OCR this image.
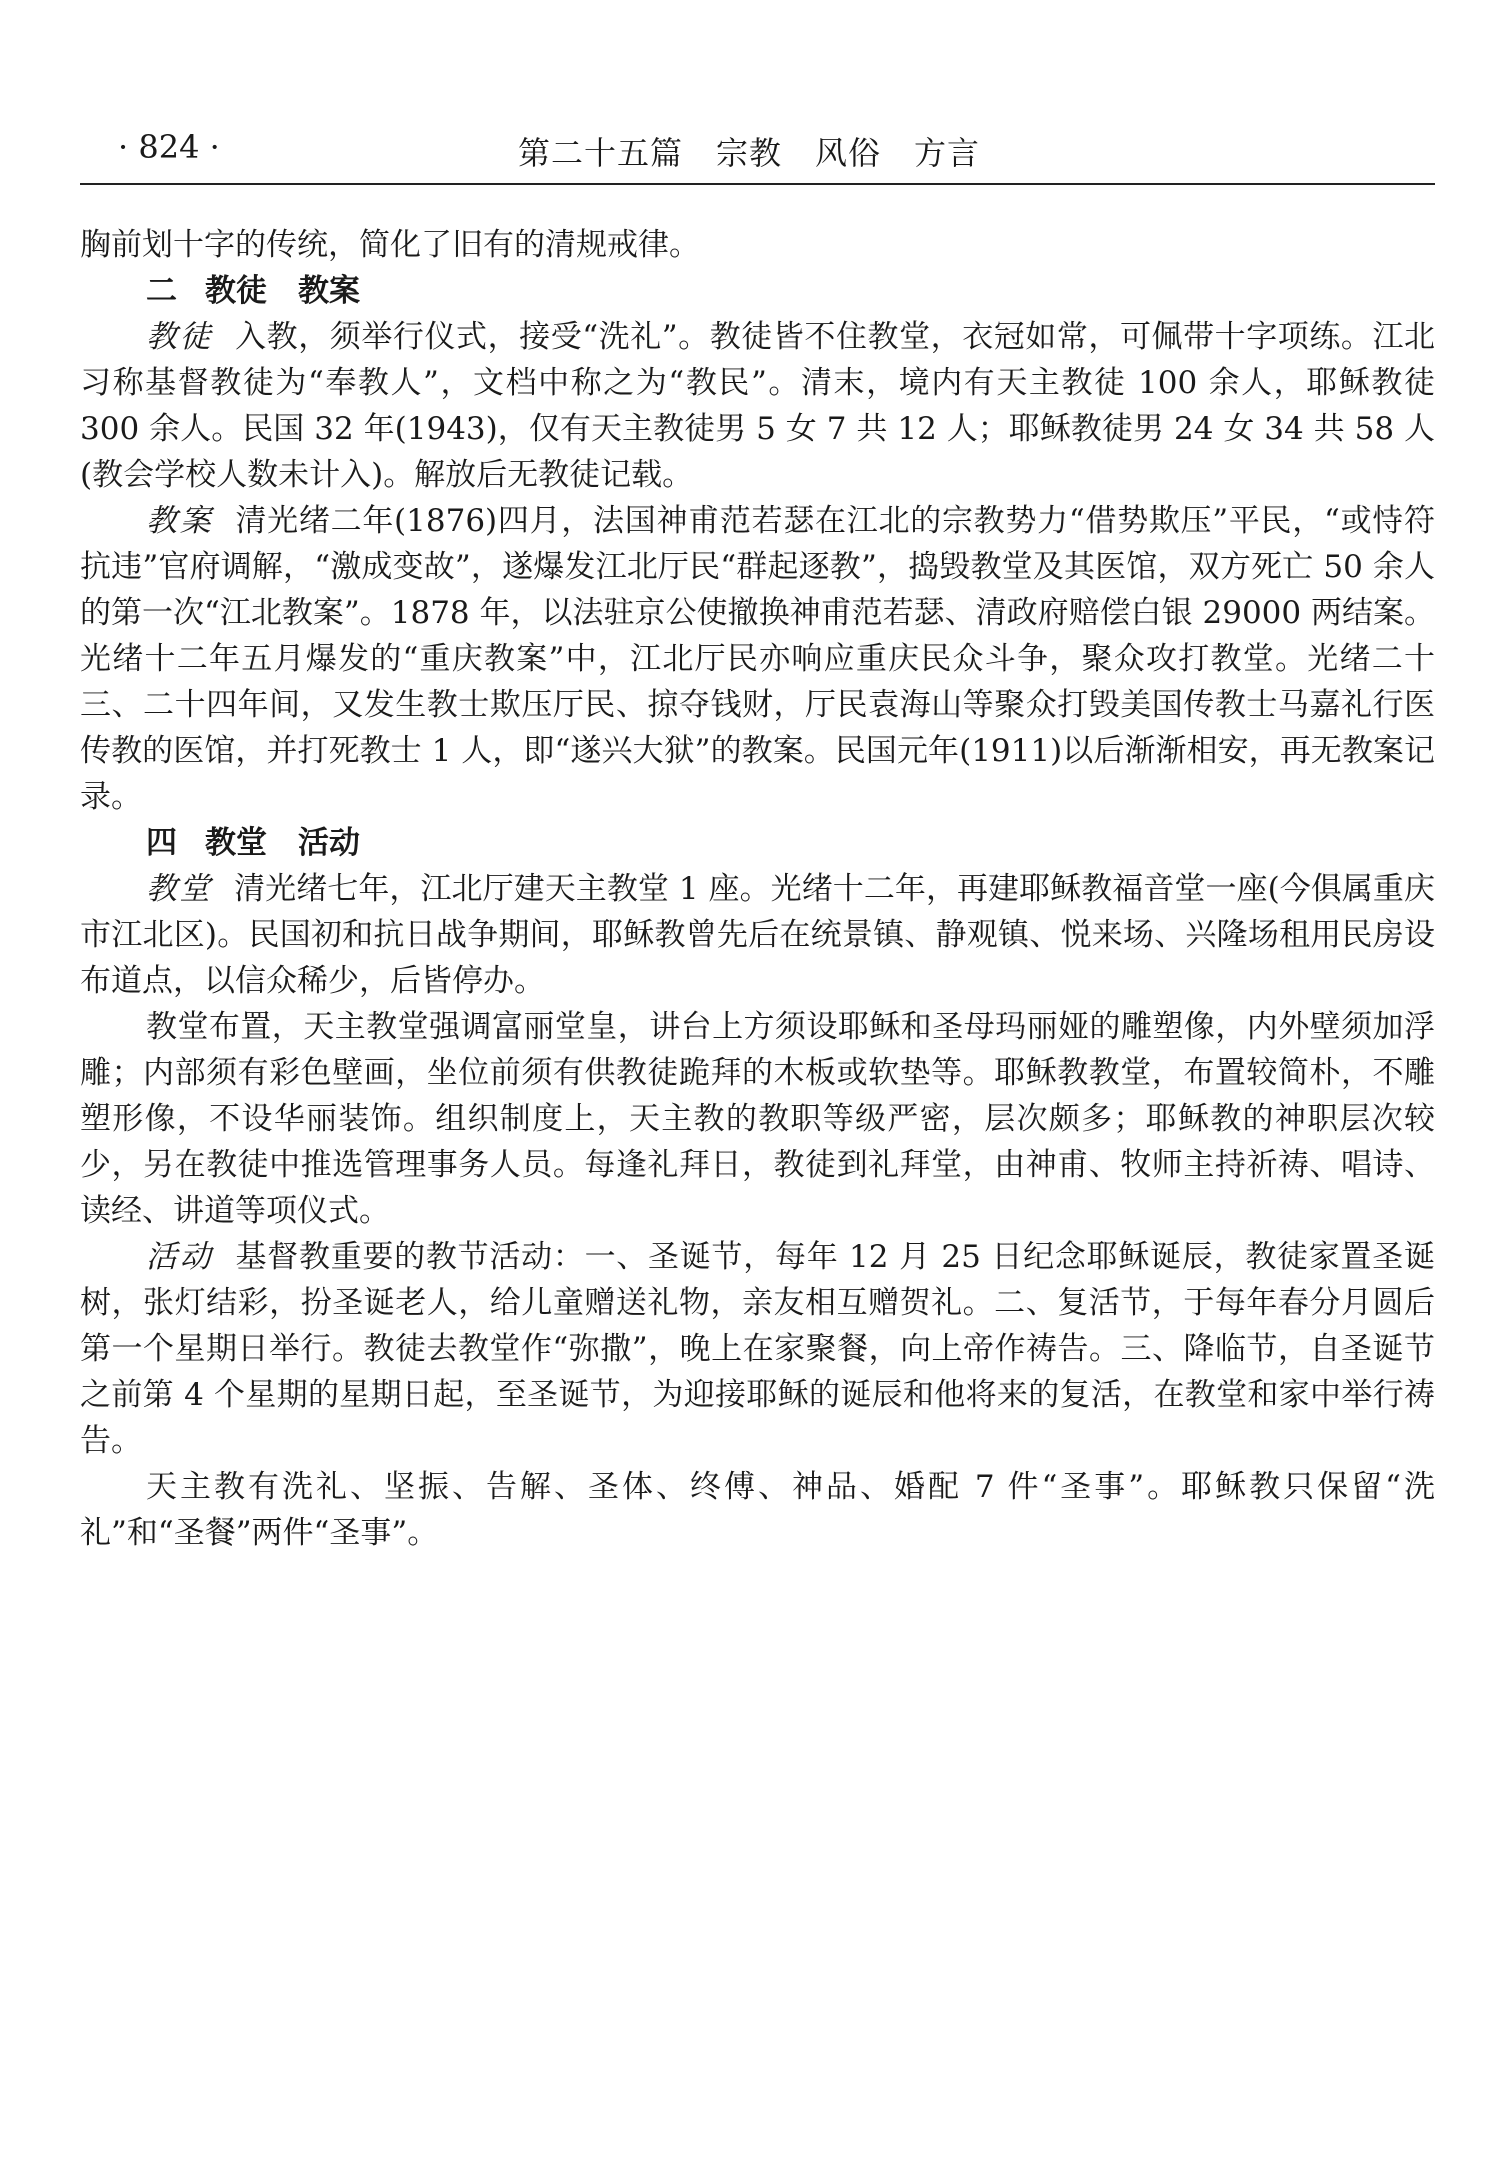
· 824 ·	第二十五篇　宗教　风俗　方言

胸前划十字的传统，简化了旧有的清规戒律。

二 教徒　教案

教徒 入教，须举行仪式，接受“洗礼”。教徒皆不住教堂，衣冠如常，可佩带十字项练。江北习称基督教徒为“奉教人”，文档中称之为“教民”。清末，境内有天主教徒 100 余人，耶稣教徒 300 余人。民国 32 年(1943)，仅有天主教徒男 5 女 7 共 12 人；耶稣教徒男 24 女 34 共 58 人(教会学校人数未计入)。解放后无教徒记载。

教案 清光绪二年(1876)四月，法国神甫范若瑟在江北的宗教势力“借势欺压”平民，“或恃符抗违”官府调解，“激成变故”，遂爆发江北厅民“群起逐教”，捣毁教堂及其医馆，双方死亡 50 余人的第一次“江北教案”。1878 年，以法驻京公使撤换神甫范若瑟、清政府赔偿白银 29000 两结案。光绪十二年五月爆发的“重庆教案”中，江北厅民亦响应重庆民众斗争，聚众攻打教堂。光绪二十三、二十四年间，又发生教士欺压厅民、掠夺钱财，厅民袁海山等聚众打毁美国传教士马嘉礼行医传教的医馆，并打死教士 1 人，即“遂兴大狱”的教案。民国元年(1911)以后渐渐相安，再无教案记录。

四 教堂　活动

教堂 清光绪七年，江北厅建天主教堂 1 座。光绪十二年，再建耶稣教福音堂一座(今俱属重庆市江北区)。民国初和抗日战争期间，耶稣教曾先后在统景镇、静观镇、悦来场、兴隆场租用民房设布道点，以信众稀少，后皆停办。

教堂布置，天主教堂强调富丽堂皇，讲台上方须设耶稣和圣母玛丽娅的雕塑像，内外壁须加浮雕；内部须有彩色壁画，坐位前须有供教徒跪拜的木板或软垫等。耶稣教教堂，布置较简朴，不雕塑形像，不设华丽装饰。组织制度上，天主教的教职等级严密，层次颇多；耶稣教的神职层次较少，另在教徒中推选管理事务人员。每逢礼拜日，教徒到礼拜堂，由神甫、牧师主持祈祷、唱诗、读经、讲道等项仪式。

活动 基督教重要的教节活动：一、圣诞节，每年 12 月 25 日纪念耶稣诞辰，教徒家置圣诞树，张灯结彩，扮圣诞老人，给儿童赠送礼物，亲友相互赠贺礼。二、复活节，于每年春分月圆后第一个星期日举行。教徒去教堂作“弥撒”，晚上在家聚餐，向上帝作祷告。三、降临节，自圣诞节之前第 4 个星期的星期日起，至圣诞节，为迎接耶稣的诞辰和他将来的复活，在教堂和家中举行祷告。

天主教有洗礼、坚振、告解、圣体、终傅、神品、婚配 7 件“圣事”。耶稣教只保留“洗礼”和“圣餐”两件“圣事”。
